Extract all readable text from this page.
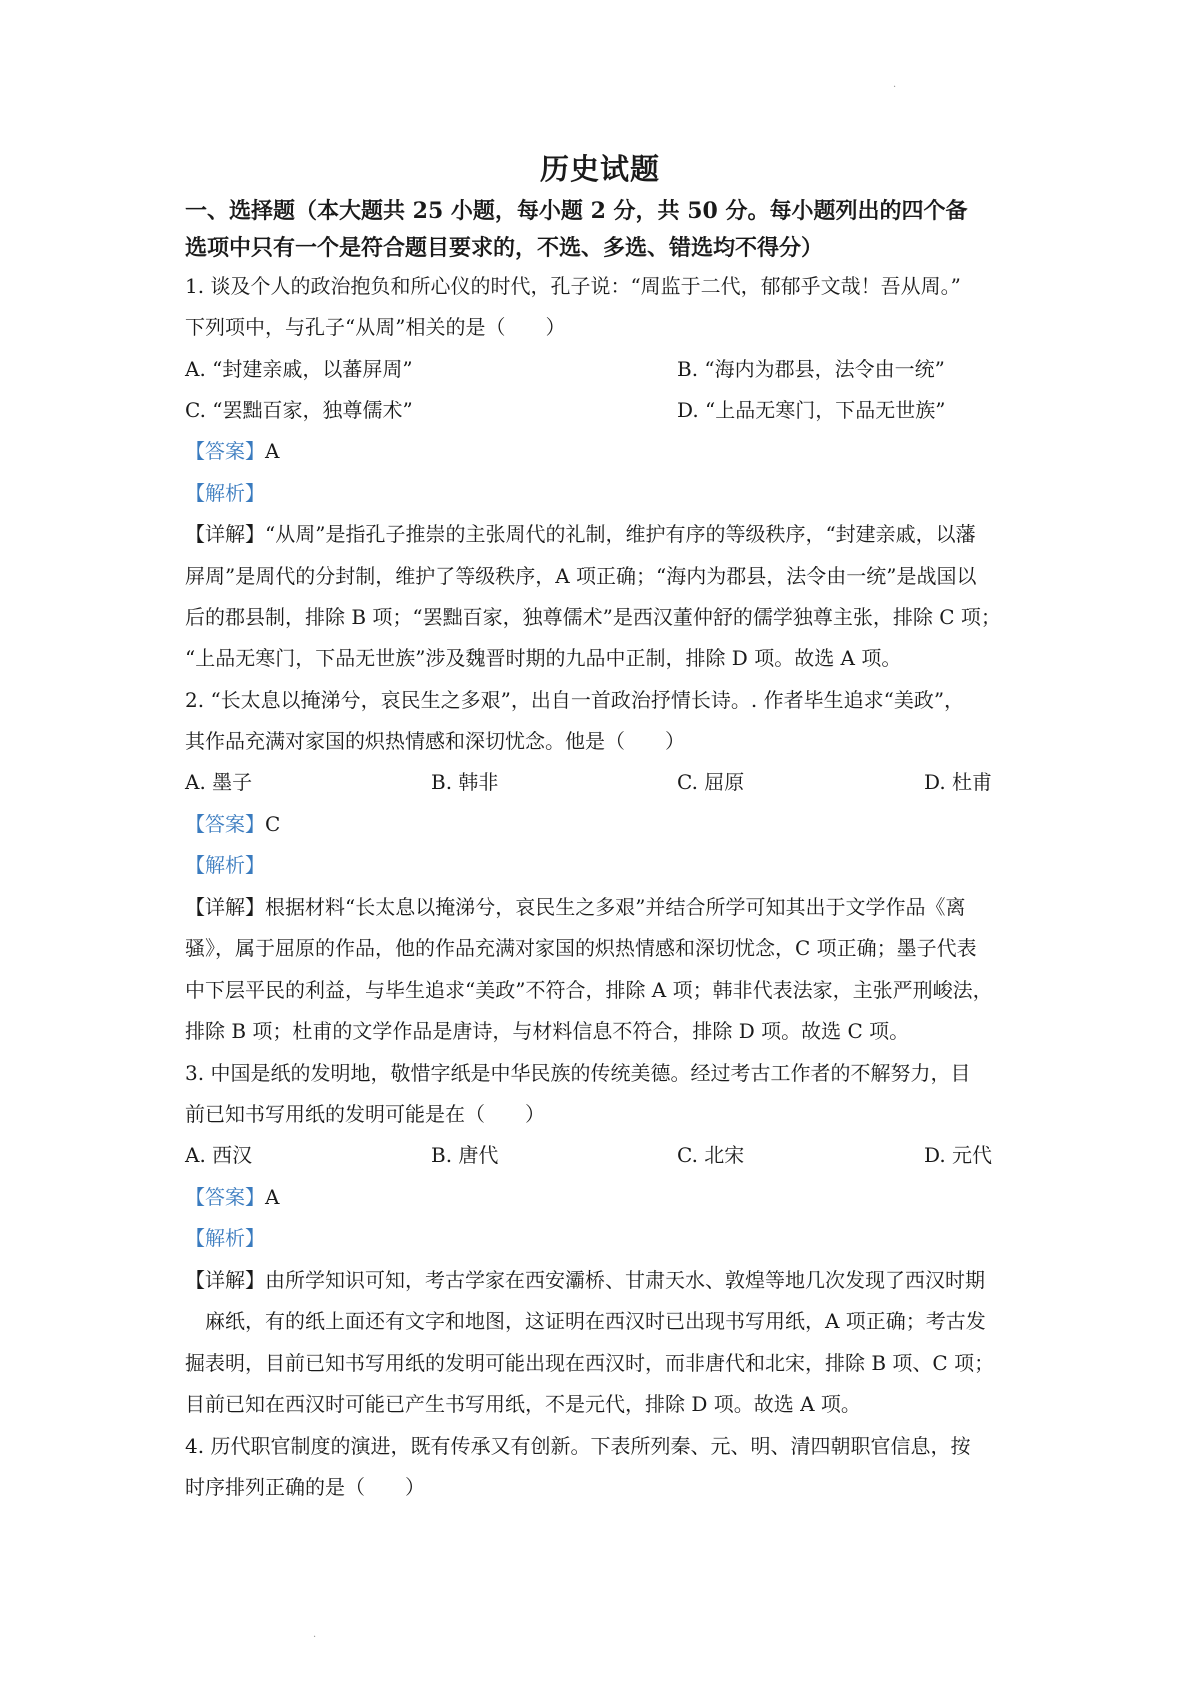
·
历史试题
一、选择题（本大题共 25 小题，每小题 2 分，共 50 分。每小题列出的四个备
选项中只有一个是符合题目要求的，不选、多选、错选均不得分）
1. 谈及个人的政治抱负和所心仪的时代，孔子说：“周监于二代，郁郁乎文哉！吾从周。”
下列项中，与孔子“从周”相关的是（　　）
A. “封建亲戚，以蕃屏周”	B. “海内为郡县，法令由一统”
C. “罢黜百家，独尊儒术”	D. “上品无寒门，下品无世族”
【答案】A
【解析】
【详解】“从周”是指孔子推崇的主张周代的礼制，维护有序的等级秩序，“封建亲戚，以藩
屏周”是周代的分封制，维护了等级秩序，A 项正确；“海内为郡县，法令由一统”是战国以
后的郡县制，排除 B 项；“罢黜百家，独尊儒术”是西汉董仲舒的儒学独尊主张，排除 C 项；
“上品无寒门，下品无世族”涉及魏晋时期的九品中正制，排除 D 项。故选 A 项。
2. “长太息以掩涕兮，哀民生之多艰”，出自一首政治抒情长诗。. 作者毕生追求“美政”，
其作品充满对家国的炽热情感和深切忧念。他是（　　）
A. 墨子	B. 韩非	C. 屈原	D. 杜甫
【答案】C
【解析】
【详解】根据材料“长太息以掩涕兮，哀民生之多艰”并结合所学可知其出于文学作品《离
骚》，属于屈原的作品，他的作品充满对家国的炽热情感和深切忧念，C 项正确；墨子代表
中下层平民的利益，与毕生追求“美政”不符合，排除 A 项；韩非代表法家，主张严刑峻法，
排除 B 项；杜甫的文学作品是唐诗，与材料信息不符合，排除 D 项。故选 C 项。
3. 中国是纸的发明地，敬惜字纸是中华民族的传统美德。经过考古工作者的不解努力，目
前已知书写用纸的发明可能是在（　　）
A. 西汉	B. 唐代	C. 北宋	D. 元代
【答案】A
【解析】
【详解】由所学知识可知，考古学家在西安灞桥、甘肃天水、敦煌等地几次发现了西汉时期
麻纸，有的纸上面还有文字和地图，这证明在西汉时已出现书写用纸，A 项正确；考古发
掘表明，目前已知书写用纸的发明可能出现在西汉时，而非唐代和北宋，排除 B 项、C 项；
目前已知在西汉时可能已产生书写用纸，不是元代，排除 D 项。故选 A 项。
4. 历代职官制度的演进，既有传承又有创新。下表所列秦、元、明、清四朝职官信息，按
时序排列正确的是（　　）
·
